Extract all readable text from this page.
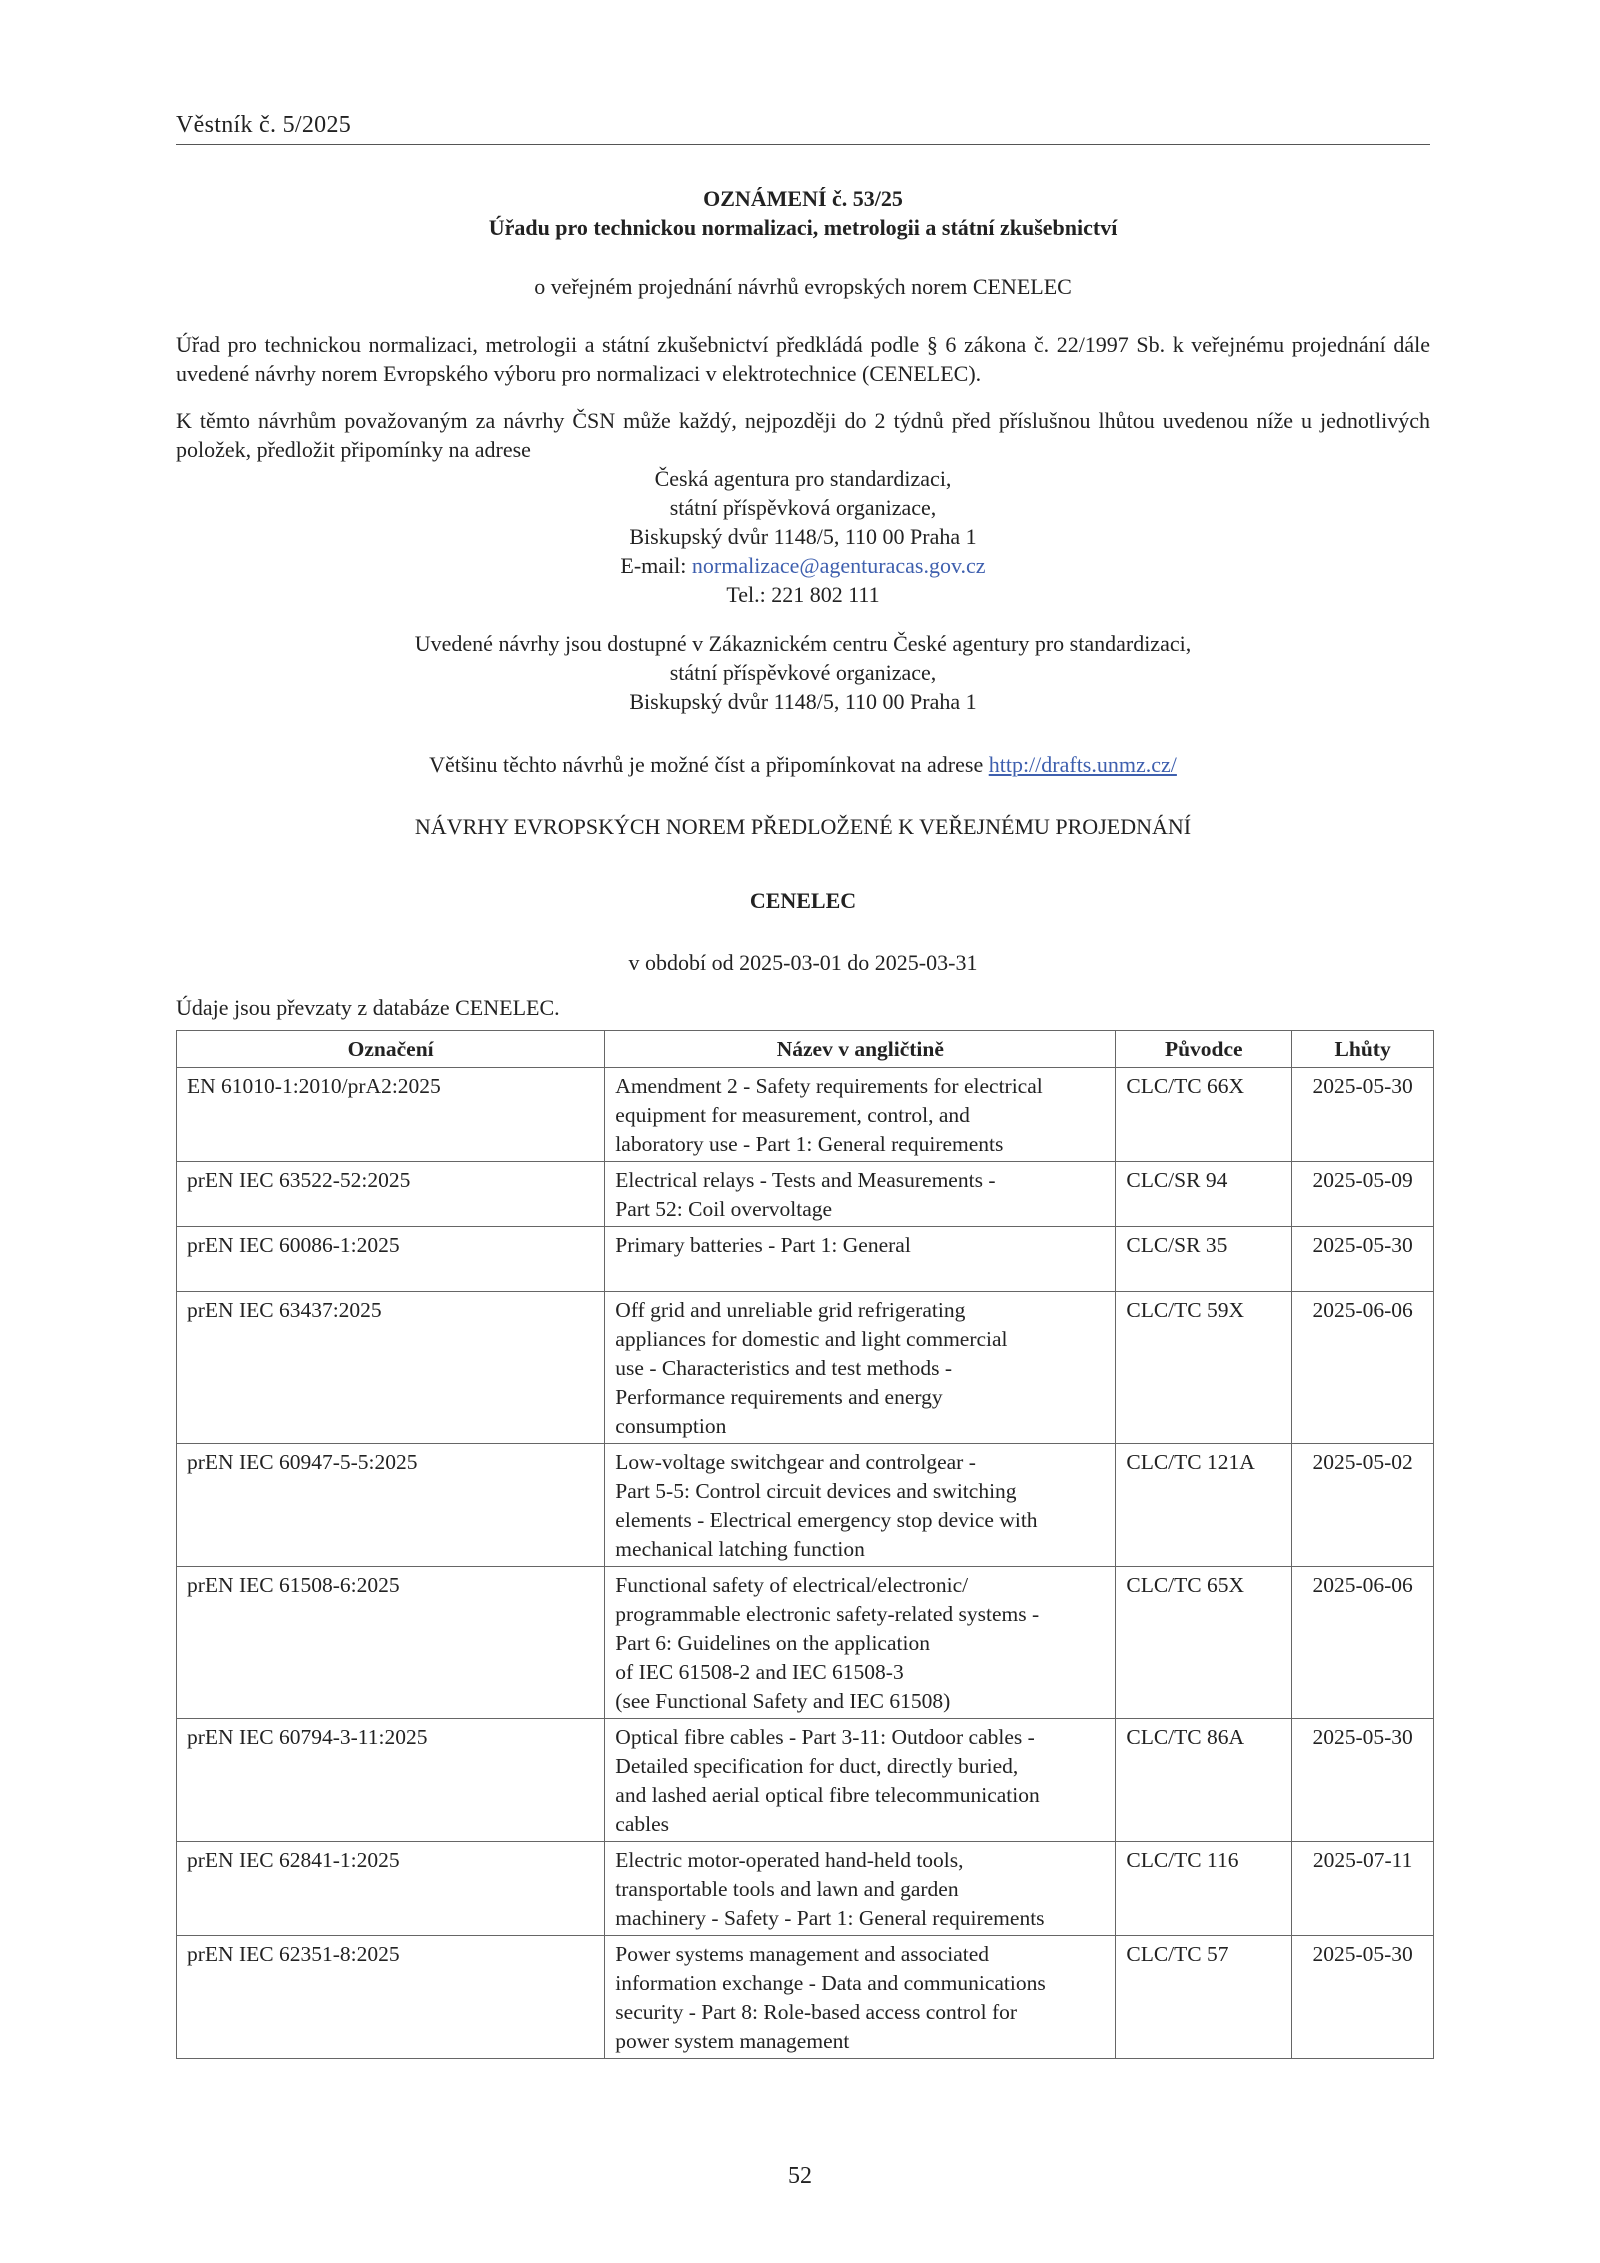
Věstník č. 5/2025
OZNÁMENÍ č. 53/25
Úřadu pro technickou normalizaci, metrologii a státní zkušebnictví
o veřejném projednání návrhů evropských norem CENELEC
Úřad pro technickou normalizaci, metrologii a státní zkušebnictví předkládá podle § 6 zákona č. 22/1997 Sb. k veřejnému projednání dále uvedené návrhy norem Evropského výboru pro normalizaci v elektrotechnice (CENELEC).
K těmto návrhům považovaným za návrhy ČSN může každý, nejpozději do 2 týdnů před příslušnou lhůtou uvedenou níže u jednotlivých položek, předložit připomínky na adrese
Česká agentura pro standardizaci,
státní příspěvková organizace,
Biskupský dvůr 1148/5, 110 00 Praha 1
E-mail: normalizace@agenturacas.gov.cz
Tel.: 221 802 111
Uvedené návrhy jsou dostupné v Zákaznickém centru České agentury pro standardizaci,
státní příspěvkové organizace,
Biskupský dvůr 1148/5, 110 00 Praha 1
Většinu těchto návrhů je možné číst a připomínkovat na adrese http://drafts.unmz.cz/
NÁVRHY EVROPSKÝCH NOREM PŘEDLOŽENÉ K VEŘEJNÉMU PROJEDNÁNÍ
CENELEC
v období od 2025-03-01 do 2025-03-31
Údaje jsou převzaty z databáze CENELEC.
Označení	Název v angličtině	Původce	Lhůty
EN 61010-1:2010/prA2:2025	Amendment 2 - Safety requirements for electrical
equipment for measurement, control, and
laboratory use - Part 1: General requirements	CLC/TC 66X	2025-05-30
prEN IEC 63522-52:2025	Electrical relays - Tests and Measurements -
Part 52: Coil overvoltage	CLC/SR 94	2025-05-09
prEN IEC 60086-1:2025	Primary batteries - Part 1: General	CLC/SR 35	2025-05-30
prEN IEC 63437:2025	Off grid and unreliable grid refrigerating
appliances for domestic and light commercial
use - Characteristics and test methods -
Performance requirements and energy
consumption	CLC/TC 59X	2025-06-06
prEN IEC 60947-5-5:2025	Low-voltage switchgear and controlgear -
Part 5-5: Control circuit devices and switching
elements - Electrical emergency stop device with
mechanical latching function	CLC/TC 121A	2025-05-02
prEN IEC 61508-6:2025	Functional safety of electrical/electronic/
programmable electronic safety-related systems -
Part 6: Guidelines on the application
of IEC 61508-2 and IEC 61508-3
(see Functional Safety and IEC 61508)	CLC/TC 65X	2025-06-06
prEN IEC 60794-3-11:2025	Optical fibre cables - Part 3-11: Outdoor cables -
Detailed specification for duct, directly buried,
and lashed aerial optical fibre telecommunication
cables	CLC/TC 86A	2025-05-30
prEN IEC 62841-1:2025	Electric motor-operated hand-held tools,
transportable tools and lawn and garden
machinery - Safety - Part 1: General requirements	CLC/TC 116	2025-07-11
prEN IEC 62351-8:2025	Power systems management and associated
information exchange - Data and communications
security - Part 8: Role-based access control for
power system management	CLC/TC 57	2025-05-30
52
